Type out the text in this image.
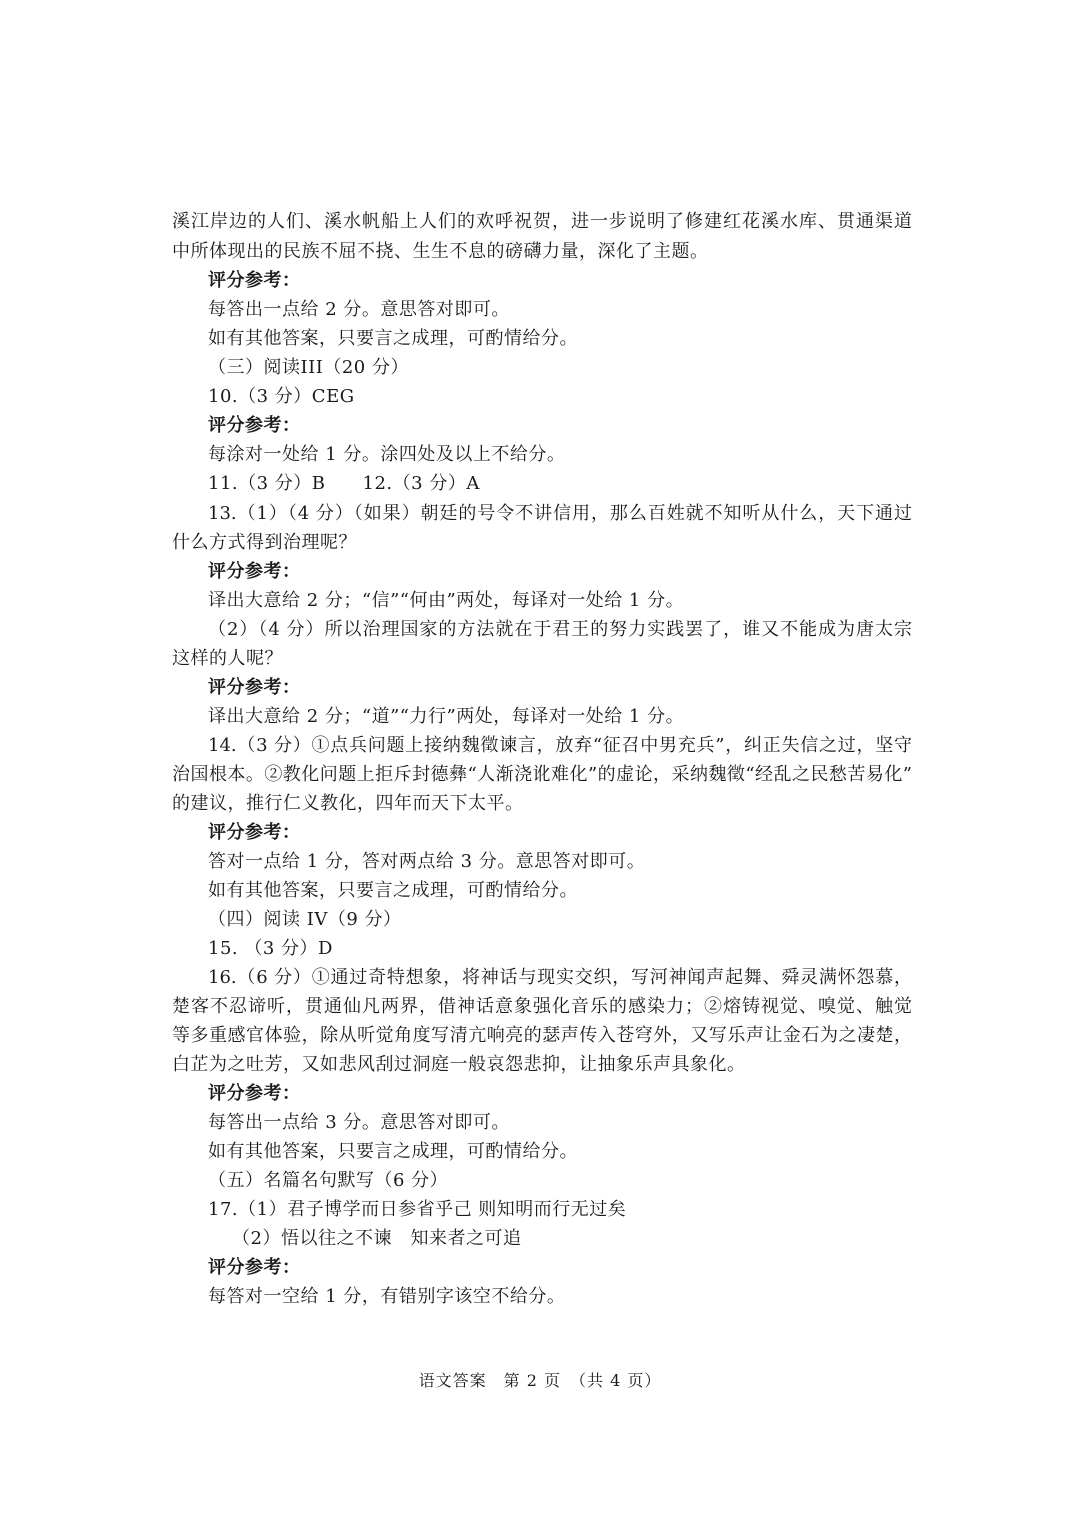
溪江岸边的人们、溪水帆船上人们的欢呼祝贺，进一步说明了修建红花溪水库、贯通渠道
中所体现出的民族不屈不挠、生生不息的磅礴力量，深化了主题。
评分参考：
每答出一点给 2 分。意思答对即可。
如有其他答案，只要言之成理，可酌情给分。
（三）阅读III（20 分）
10.（3 分）CEG
评分参考：
每涂对一处给 1 分。涂四处及以上不给分。
11.（3 分）B　　12.（3 分）A
13.（1）（4 分）（如果）朝廷的号令不讲信用，那么百姓就不知听从什么，天下通过
什么方式得到治理呢？
评分参考：
译出大意给 2 分；“信”“何由”两处，每译对一处给 1 分。
（2）（4 分）所以治理国家的方法就在于君王的努力实践罢了，谁又不能成为唐太宗
这样的人呢？
评分参考：
译出大意给 2 分；“道”“力行”两处，每译对一处给 1 分。
14.（3 分）①点兵问题上接纳魏徵谏言，放弃“征召中男充兵”，纠正失信之过，坚守
治国根本。②教化问题上拒斥封德彝“人渐浇讹难化”的虚论，采纳魏徵“经乱之民愁苦易化”
的建议，推行仁义教化，四年而天下太平。
评分参考：
答对一点给 1 分，答对两点给 3 分。意思答对即可。
如有其他答案，只要言之成理，可酌情给分。
（四）阅读 IV（9 分）
15. （3 分）D
16.（6 分）①通过奇特想象，将神话与现实交织，写河神闻声起舞、舜灵满怀怨慕，
楚客不忍谛听，贯通仙凡两界，借神话意象强化音乐的感染力；②熔铸视觉、嗅觉、触觉
等多重感官体验，除从听觉角度写清亢响亮的瑟声传入苍穹外，又写乐声让金石为之凄楚，
白芷为之吐芳，又如悲风刮过洞庭一般哀怨悲抑，让抽象乐声具象化。
评分参考：
每答出一点给 3 分。意思答对即可。
如有其他答案，只要言之成理，可酌情给分。
（五）名篇名句默写（6 分）
17.（1）君子博学而日参省乎己 则知明而行无过矣
（2）悟以往之不谏　知来者之可追
评分参考：
每答对一空给 1 分，有错别字该空不给分。
语文答案　第 2 页　（共 4 页）
